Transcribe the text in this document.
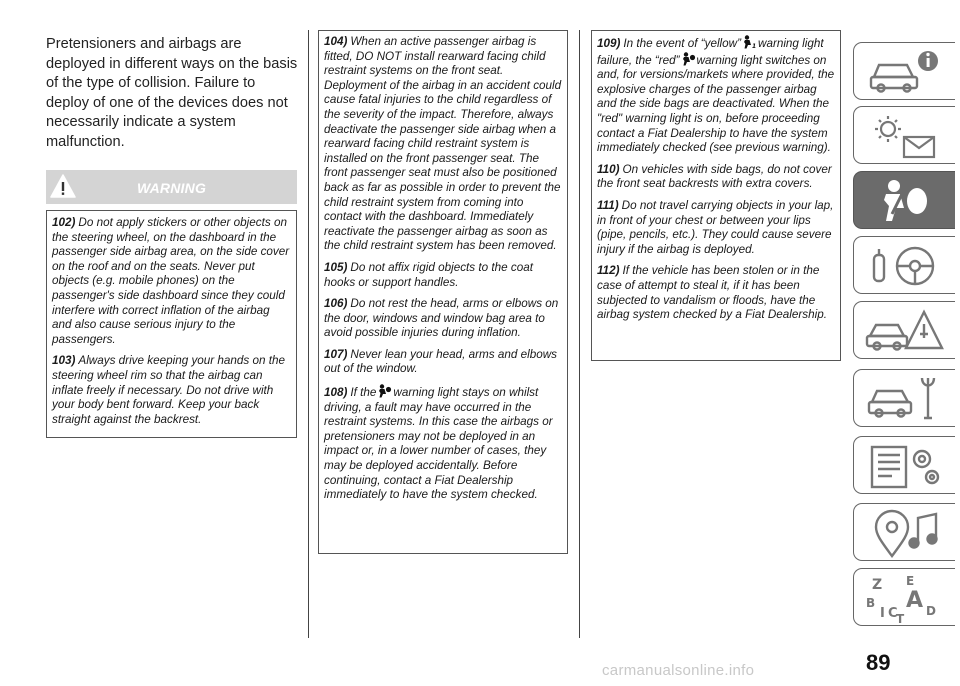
Pretensioners and airbags are deployed in different ways on the basis of the type of collision. Failure to deploy of one of the devices does not necessarily indicate a system malfunction.

WARNING

102) Do not apply stickers or other objects on the steering wheel, on the dashboard in the passenger side airbag area, on the side cover on the roof and on the seats. Never put objects (e.g. mobile phones) on the passenger's side dashboard since they could interfere with correct inflation of the airbag and also cause serious injury to the passengers.

103) Always drive keeping your hands on the steering wheel rim so that the airbag can inflate freely if necessary. Do not drive with your body bent forward. Keep your back straight against the backrest.

104) When an active passenger airbag is fitted, DO NOT install rearward facing child restraint systems on the front seat. Deployment of the airbag in an accident could cause fatal injuries to the child regardless of the severity of the impact. Therefore, always deactivate the passenger side airbag when a rearward facing child restraint system is installed on the front passenger seat. The front passenger seat must also be positioned back as far as possible in order to prevent the child restraint system from coming into contact with the dashboard. Immediately reactivate the passenger airbag as soon as the child restraint system has been removed.

105) Do not affix rigid objects to the coat hooks or support handles.

106) Do not rest the head, arms or elbows on the door, windows and window bag area to avoid possible injuries during inflation.

107) Never lean your head, arms and elbows out of the window.

108) If the warning light stays on whilst driving, a fault may have occurred in the restraint systems. In this case the airbags or pretensioners may not be deployed in an impact or, in a lower number of cases, they may be deployed accidentally. Before continuing, contact a Fiat Dealership immediately to have the system checked.

109) In the event of “yellow” 1 warning light failure, the “red” warning light switches on and, for versions/markets where provided, the explosive charges of the passenger airbag and the side bags are deactivated. When the "red" warning light is on, before proceeding contact a Fiat Dealership to have the system immediately checked (see previous warning).

110) On vehicles with side bags, do not cover the front seat backrests with extra covers.

111) Do not travel carrying objects in your lap, in front of your chest or between your lips (pipe, pencils, etc.). They could cause severe injury if the airbag is deployed.

112) If the vehicle has been stolen or in the case of attempt to steal it, if it has been subjected to vandalism or floods, have the airbag system checked by a Fiat Dealership.

Z E
B A D
I C
T
89
carmanualsonline.info
